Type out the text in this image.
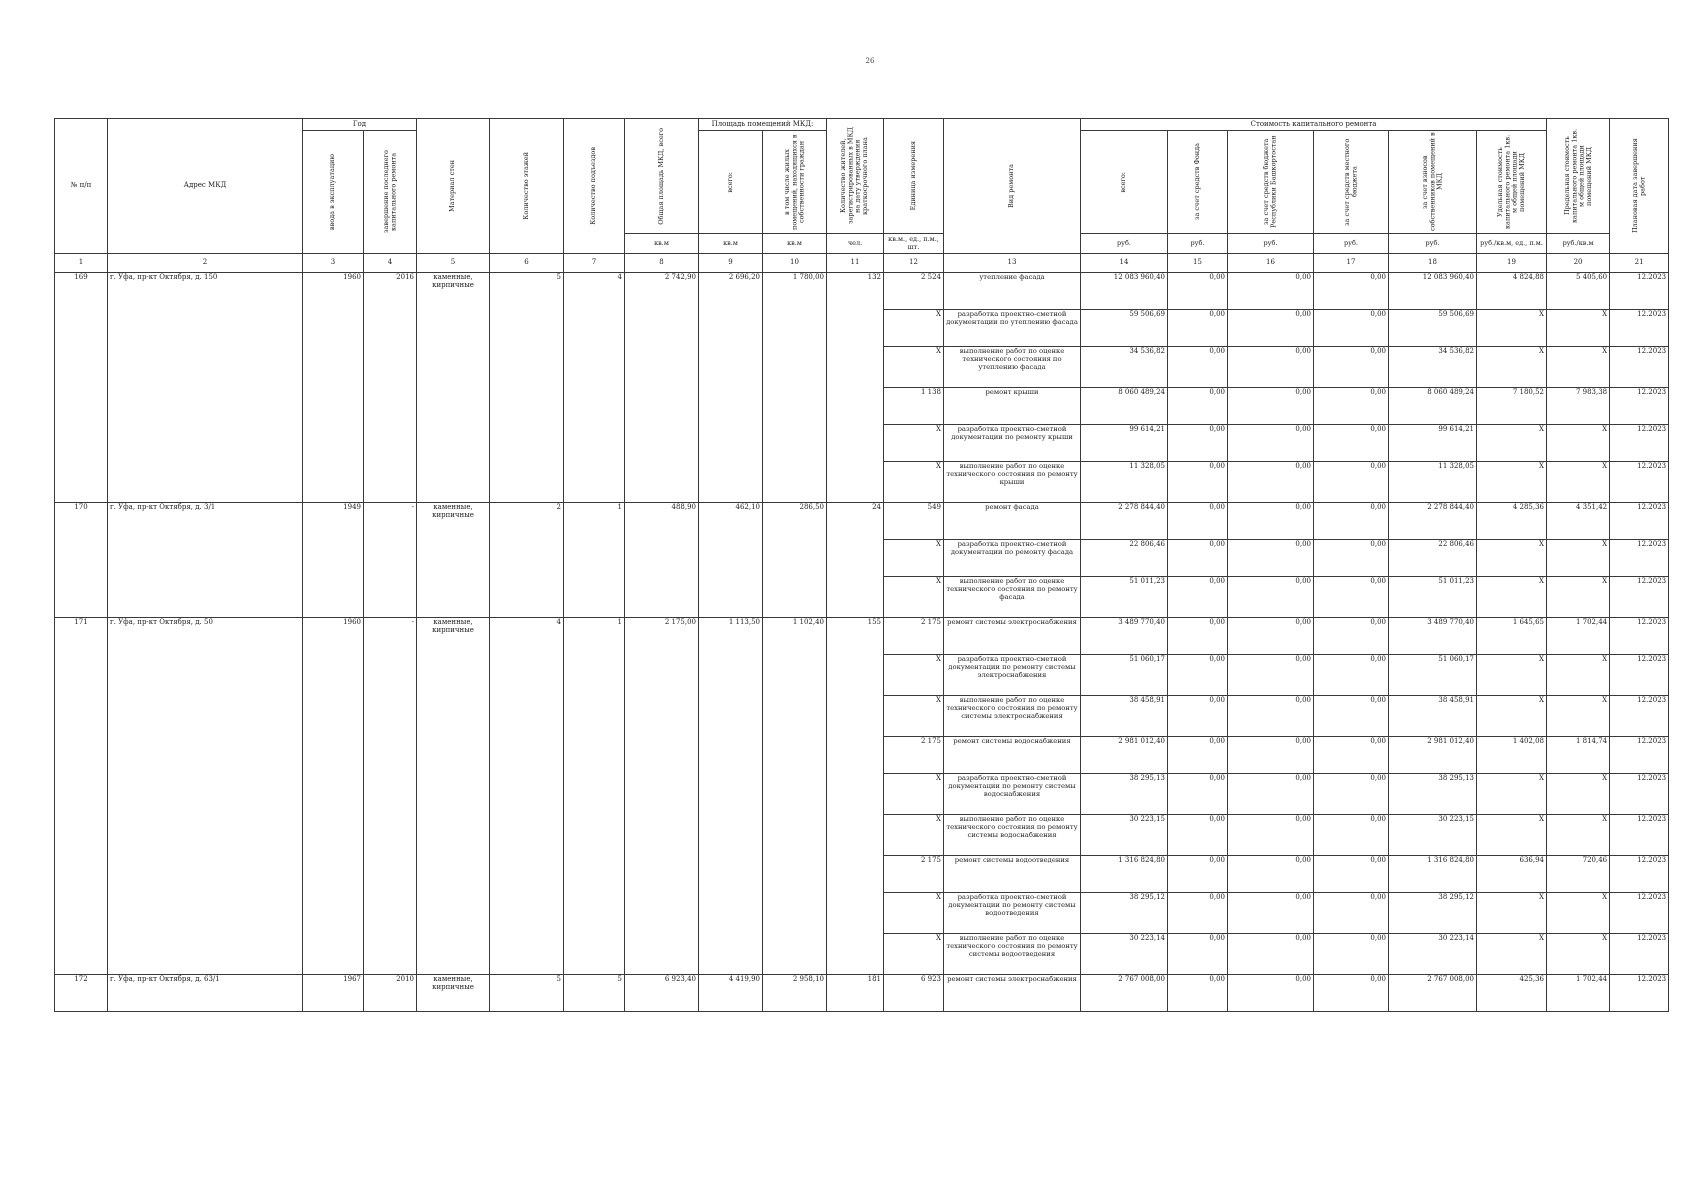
26
№ п/п	Адрес МКД	Год		Материал стен	Количество этажей	Количество подъездов	Общая площадь МКД, всего	Площадь помещений МКД:		Количество жителей, зарегистрированных в МКД на дату утверждения краткосрочного плана	Единица измерения	Вид ремонта	Стоимость капитального ремонта						Предельная стоимость капитального ремонта 1кв. м общей площади помещений МКД	Плановая дата завершения работ

		ввода в эксплуатацию	завершение последнего капитального ремонта					всего:	в том числе жилых помещений, находящихся в собственности граждан				всего:	за счет средств Фонда	за счет средств бюджета Республики Башкортостан	за счет средств местного бюджета	за счет взносов собственников помещений в МКД	Удельная стоимость капитального ремонта 1кв. м общей площади помещений МКД		

							кв.м	кв.м	кв.м	чел.	кв.м., ед., п.м., шт.		руб.	руб.	руб.	руб.	руб.	руб./кв.м, ед., п.м.	руб./кв.м	
1	2	3	4	5	6	7	8	9	10	11	12	13	14	15	16	17	18	19	20	21
169	г. Уфа, пр-кт Октября, д. 150	1960	2016	каменные, кирпичные	5	4	2 742,90	2 696,20	1 780,00	132	2 524	утепление фасада	12 083 960,40	0,00	0,00	0,00	12 083 960,40	4 824,88	5 405,60	12.2023
											X	разработка проектно-сметной документации по утеплению фасада	59 506,69	0,00	0,00	0,00	59 506,69	X	X	12.2023
											X	выполнение работ по оценке технического состояния по утеплению фасада	34 536,82	0,00	0,00	0,00	34 536,82	X	X	12.2023
											1 138	ремонт крыши	8 060 489,24	0,00	0,00	0,00	8 060 489,24	7 180,52	7 983,38	12.2023
											X	разработка проектно-сметной документации по ремонту крыши	99 614,21	0,00	0,00	0,00	99 614,21	X	X	12.2023
											X	выполнение работ по оценке технического состояния по ремонту крыши	11 328,05	0,00	0,00	0,00	11 328,05	X	X	12.2023
170	г. Уфа, пр-кт Октября, д. 3/1	1949	-	каменные, кирпичные	2	1	488,90	462,10	286,50	24	549	ремонт фасада	2 278 844,40	0,00	0,00	0,00	2 278 844,40	4 285,36	4 351,42	12.2023
											X	разработка проектно-сметной документации по ремонту фасада	22 806,46	0,00	0,00	0,00	22 806,46	X	X	12.2023
											X	выполнение работ по оценке технического состояния по ремонту фасада	51 011,23	0,00	0,00	0,00	51 011,23	X	X	12.2023
171	г. Уфа, пр-кт Октября, д. 50	1960	-	каменные, кирпичные	4	1	2 175,00	1 113,50	1 102,40	155	2 175	ремонт системы электроснабжения	3 489 770,40	0,00	0,00	0,00	3 489 770,40	1 645,65	1 702,44	12.2023
											X	разработка проектно-сметной документации по ремонту системы электроснабжения	51 060,17	0,00	0,00	0,00	51 060,17	X	X	12.2023
											X	выполнение работ по оценке технического состояния по ремонту системы электроснабжения	38 458,91	0,00	0,00	0,00	38 458,91	X	X	12.2023
											2 175	ремонт системы водоснабжения	2 981 012,40	0,00	0,00	0,00	2 981 012,40	1 402,08	1 814,74	12.2023
											X	разработка проектно-сметной документации по ремонту системы водоснабжения	38 295,13	0,00	0,00	0,00	38 295,13	X	X	12.2023
											X	выполнение работ по оценке технического состояния по ремонту системы водоснабжения	30 223,15	0,00	0,00	0,00	30 223,15	X	X	12.2023
											2 175	ремонт системы водоотведения	1 316 824,80	0,00	0,00	0,00	1 316 824,80	636,94	720,46	12.2023
											X	разработка проектно-сметной документации по ремонту системы водоотведения	38 295,12	0,00	0,00	0,00	38 295,12	X	X	12.2023
											X	выполнение работ по оценке технического состояния по ремонту системы водоотведения	30 223,14	0,00	0,00	0,00	30 223,14	X	X	12.2023
172	г. Уфа, пр-кт Октября, д. 63/1	1967	2010	каменные, кирпичные	5	5	6 923,40	4 419,90	2 958,10	181	6 923	ремонт системы электроснабжения	2 767 008,00	0,00	0,00	0,00	2 767 008,00	425,36	1 702,44	12.2023
